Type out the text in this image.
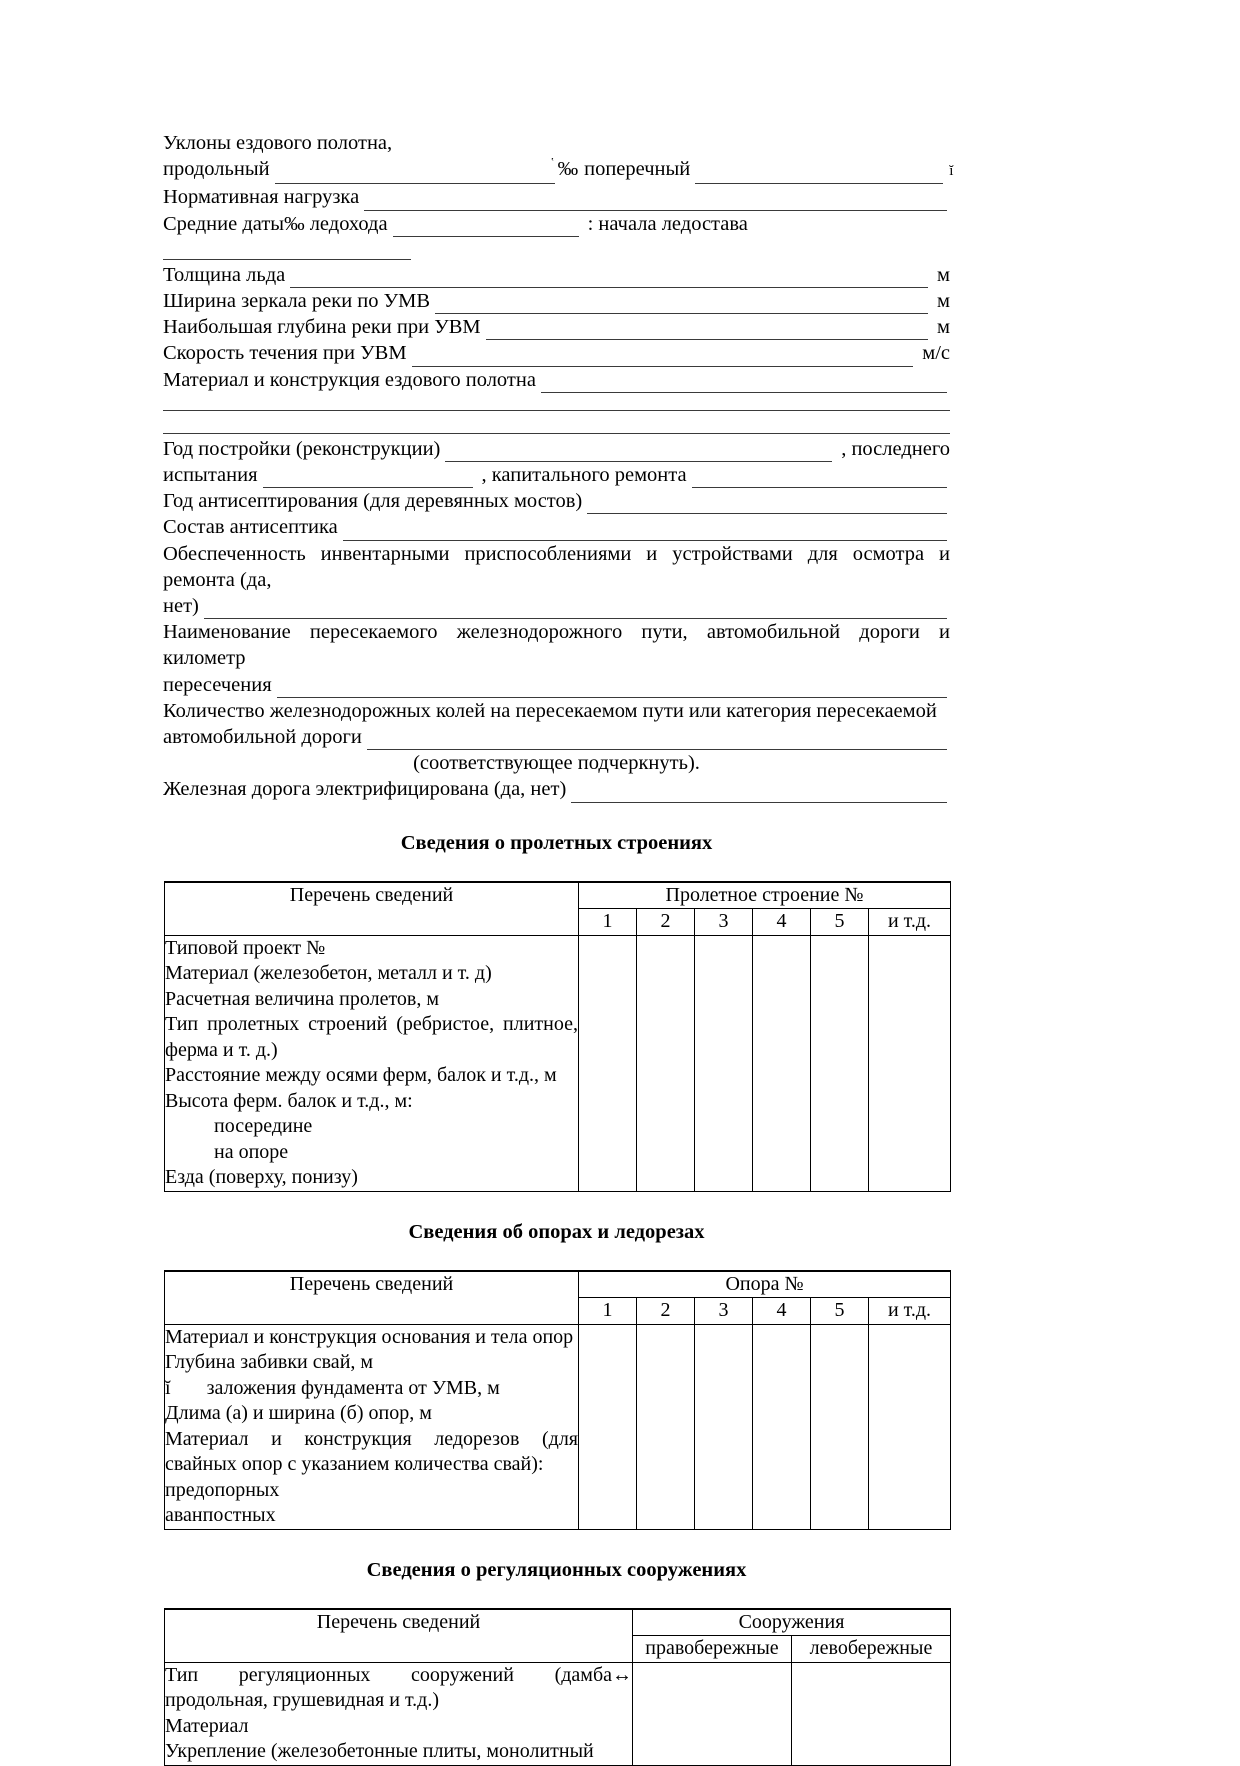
Уклоны ездового полотна,
продольный	‛ ‰ поперечный	ĭ
Нормативная нагрузка
Средние даты‰ ледохода	: начала ледостава
Толщина льда	м
Ширина зеркала реки по УМВ	м
Наибольшая глубина реки при УВМ	м
Скорость течения при УВМ	м/с
Материал и конструкция ездового полотна
Год постройки (реконструкции)	, последнего
испытания	, капитального ремонта
Год антисептирования (для деревянных мостов)
Состав антисептика
Обеспеченность инвентарными приспособлениями и устройствами для осмотра и ремонта (да,
нет)
Наименование пересекаемого железнодорожного пути, автомобильной дороги и километр
пересечения
Количество железнодорожных колей на пересекаемом пути или категория пересекаемой
автомобильной дороги
(соответствующее подчеркнуть).
Железная дорога электрифицирована (да, нет)
Сведения о пролетных строениях
Перечень сведений	Пролетное строение №					
	1	2	3	4	5	и т.д.

Типовой проект №
Материал (железобетон, металл и т. д)
Расчетная величина пролетов, м
Тип пролетных строений (ребристое, плитное, ферма и т. д.)
Расстояние между осями ферм, балок и т.д., м
Высота ферм. балок и т.д., м:
посередине
на опоре
Езда (поверху, понизу)

Сведения об опорах и ледорезах
Перечень сведений	Опора №					
	1	2	3	4	5	и т.д.

Материал и конструкция основания и тела опор
Глубина забивки свай, м
ĭ заложения фундамента от УМВ, м
Длима (а) и ширина (б) опор, м
Материал и конструкция ледорезов (для свайных опор с указанием количества свай):
предопорных
аванпостных

Сведения о регуляционных сооружениях
Перечень сведений	Сооружения	
	правобережные	левобережные

Тип регуляционных сооружений (дамба↔ продольная, грушевидная и т.д.)
Материал
Укрепление (железобетонные плиты, монолитный		
